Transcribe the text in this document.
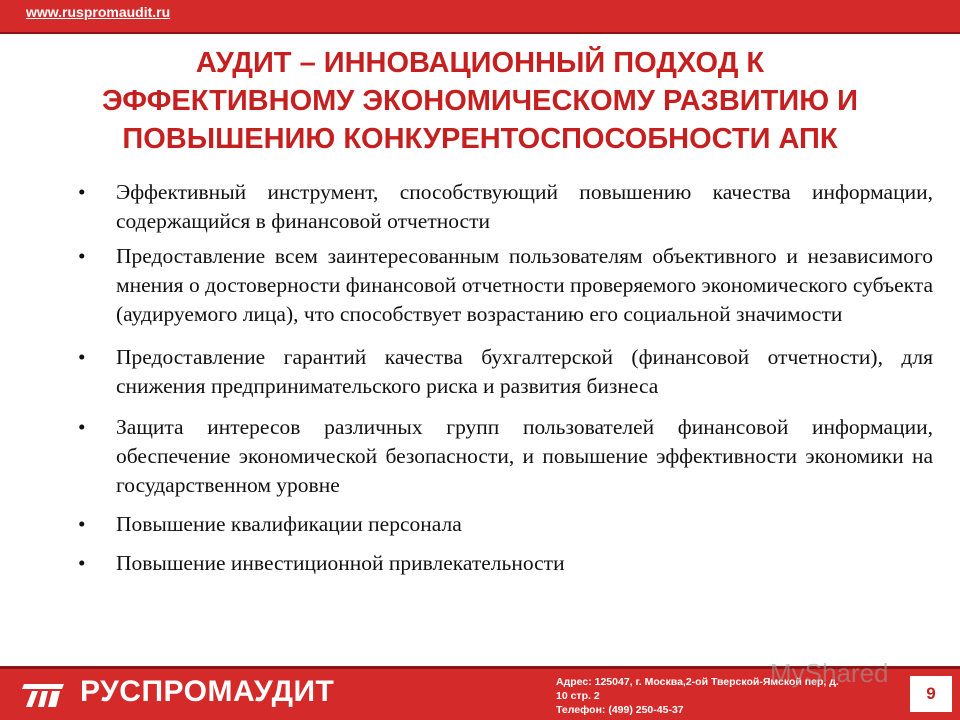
www.ruspromaudit.ru
АУДИТ – ИННОВАЦИОННЫЙ ПОДХОД К
ЭФФЕКТИВНОМУ ЭКОНОМИЧЕСКОМУ РАЗВИТИЮ И
ПОВЫШЕНИЮ КОНКУРЕНТОСПОСОБНОСТИ АПК
• Эффективный инструмент, способствующий повышению качества информации, содержащийся в финансовой отчетности
• Предоставление всем заинтересованным пользователям объективного и независимого мнения о достоверности финансовой отчетности проверяемого экономического субъекта (аудируемого лица), что способствует возрастанию его социальной значимости
• Предоставление гарантий качества бухгалтерской (финансовой отчетности), для снижения предпринимательского риска и развития бизнеса
• Защита интересов различных групп пользователей финансовой информации, обеспечение экономической безопасности, и повышение эффективности экономики на государственном уровне
• Повышение квалификации персонала
• Повышение инвестиционной привлекательности
РУСПРОМАУДИТ	Адрес: 125047, г. Москва,2-ой Тверской-Ямской пер, д.
10 стр. 2
Телефон: (499) 250-45-37
MyShared
9
